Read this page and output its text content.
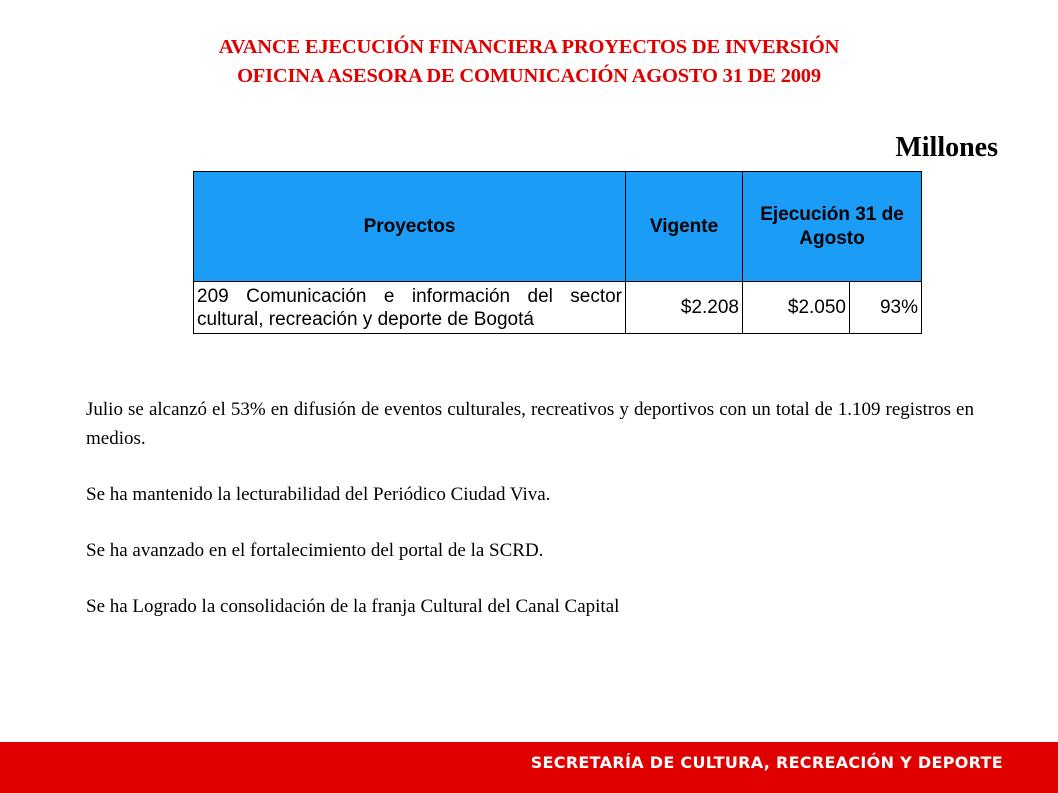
AVANCE EJECUCIÓN FINANCIERA PROYECTOS DE INVERSIÓN
OFICINA ASESORA DE COMUNICACIÓN AGOSTO 31 DE 2009
Millones
Proyectos	Vigente	Ejecución 31 de
Agosto	

209 Comunicación e información del sector cultural, recreación y deporte de Bogotá	$2.208	$2.050	93%

Julio se alcanzó el 53% en difusión de eventos culturales, recreativos y deportivos con un total de 1.109 registros en medios.

Se ha mantenido la lecturabilidad del Periódico Ciudad Viva.

Se ha avanzado en el fortalecimiento del portal de la SCRD.

Se ha Logrado la consolidación de la franja Cultural del Canal Capital

SECRETARÍA DE CULTURA, RECREACIÓN Y DEPORTE
